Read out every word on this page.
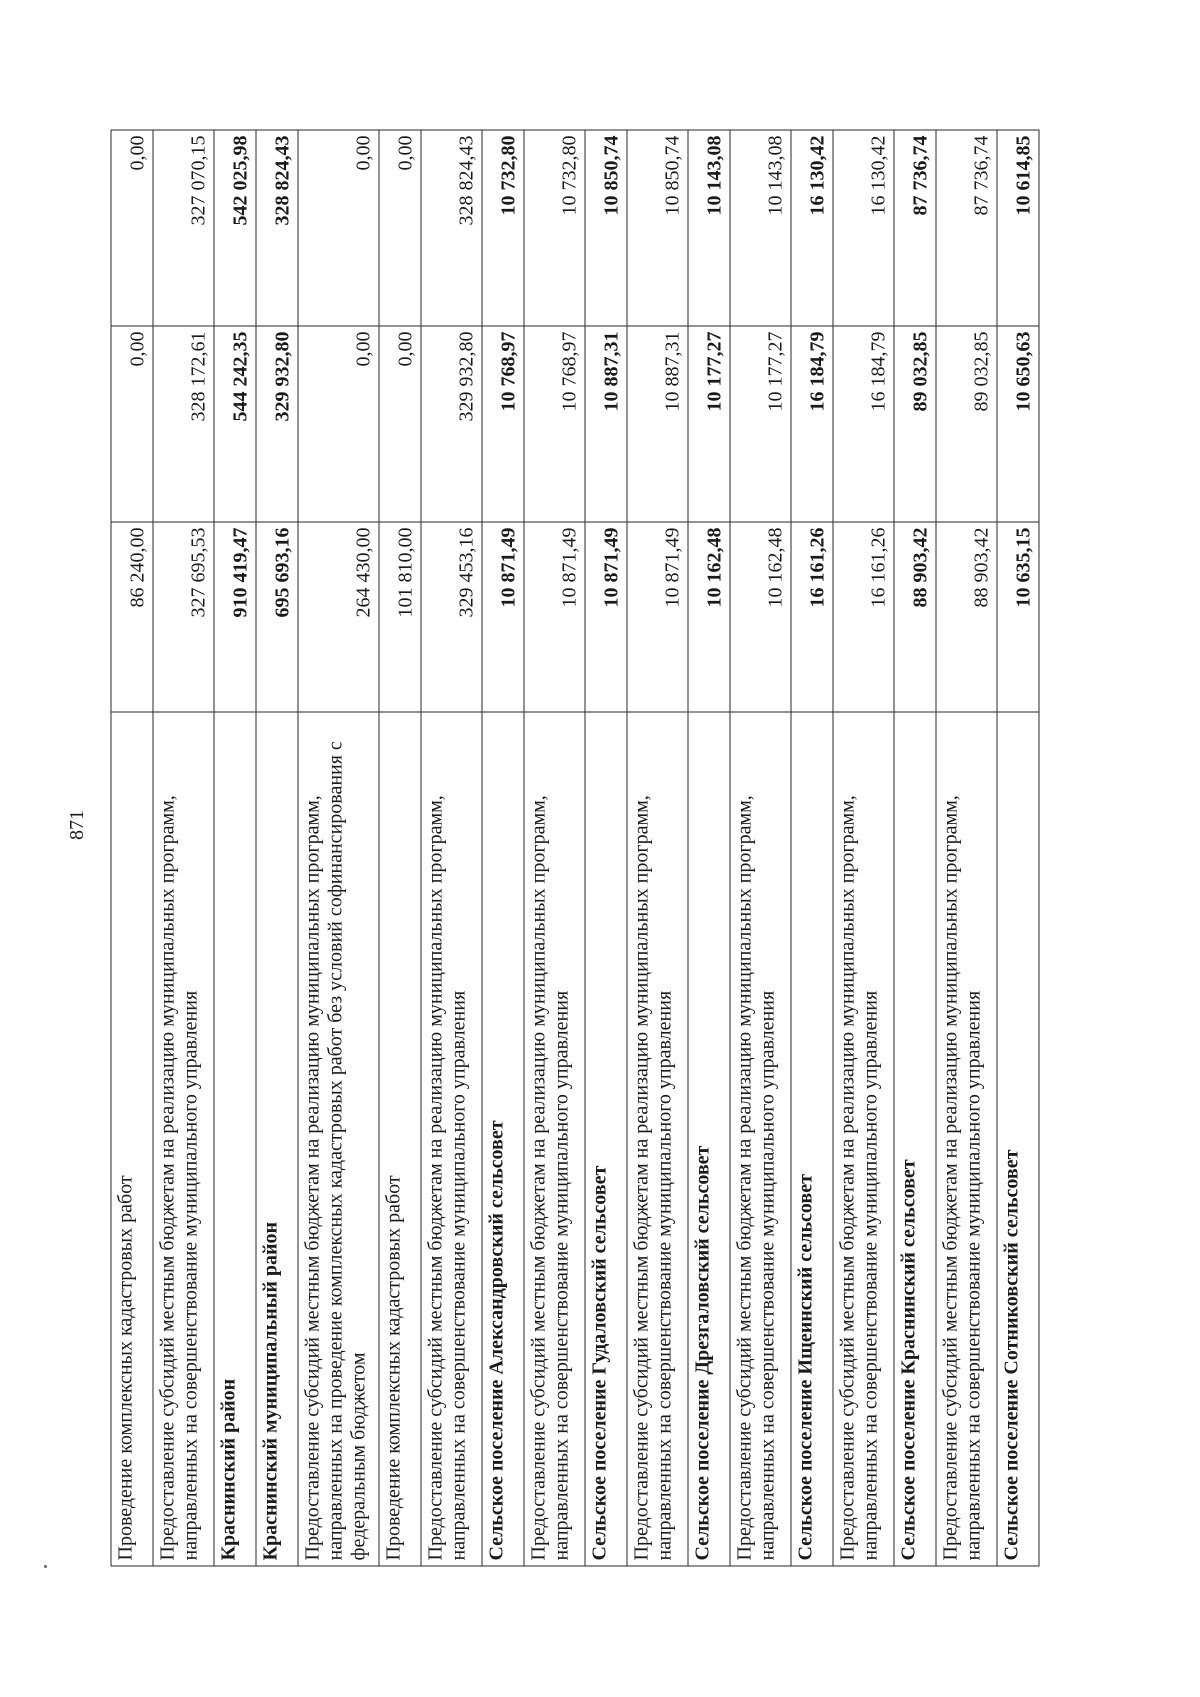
871
Проведение комплексных кадастровых работ	86 240,00	0,00	0,00
Предоставление субсидий местным бюджетам на реализацию муниципальных программ, направленных на совершенствование муниципального управления	327 695,53	328 172,61	327 070,15
Краснинский район	910 419,47	544 242,35	542 025,98
Краснинский муниципальный район	695 693,16	329 932,80	328 824,43
Предоставление субсидий местным бюджетам на реализацию муниципальных программ, направленных на проведение комплексных кадастровых работ без условий софинансирования с федеральным бюджетом	264 430,00	0,00	0,00
Проведение комплексных кадастровых работ	101 810,00	0,00	0,00
Предоставление субсидий местным бюджетам на реализацию муниципальных программ, направленных на совершенствование муниципального управления	329 453,16	329 932,80	328 824,43
Сельское поселение Александровский сельсовет	10 871,49	10 768,97	10 732,80
Предоставление субсидий местным бюджетам на реализацию муниципальных программ, направленных на совершенствование муниципального управления	10 871,49	10 768,97	10 732,80
Сельское поселение Гудаловский сельсовет	10 871,49	10 887,31	10 850,74
Предоставление субсидий местным бюджетам на реализацию муниципальных программ, направленных на совершенствование муниципального управления	10 871,49	10 887,31	10 850,74
Сельское поселение Дрезгаловский сельсовет	10 162,48	10 177,27	10 143,08
Предоставление субсидий местным бюджетам на реализацию муниципальных программ, направленных на совершенствование муниципального управления	10 162,48	10 177,27	10 143,08
Сельское поселение Ищеинский сельсовет	16 161,26	16 184,79	16 130,42
Предоставление субсидий местным бюджетам на реализацию муниципальных программ, направленных на совершенствование муниципального управления	16 161,26	16 184,79	16 130,42
Сельское поселение Краснинский сельсовет	88 903,42	89 032,85	87 736,74
Предоставление субсидий местным бюджетам на реализацию муниципальных программ, направленных на совершенствование муниципального управления	88 903,42	89 032,85	87 736,74
Сельское поселение Сотниковский сельсовет	10 635,15	10 650,63	10 614,85
